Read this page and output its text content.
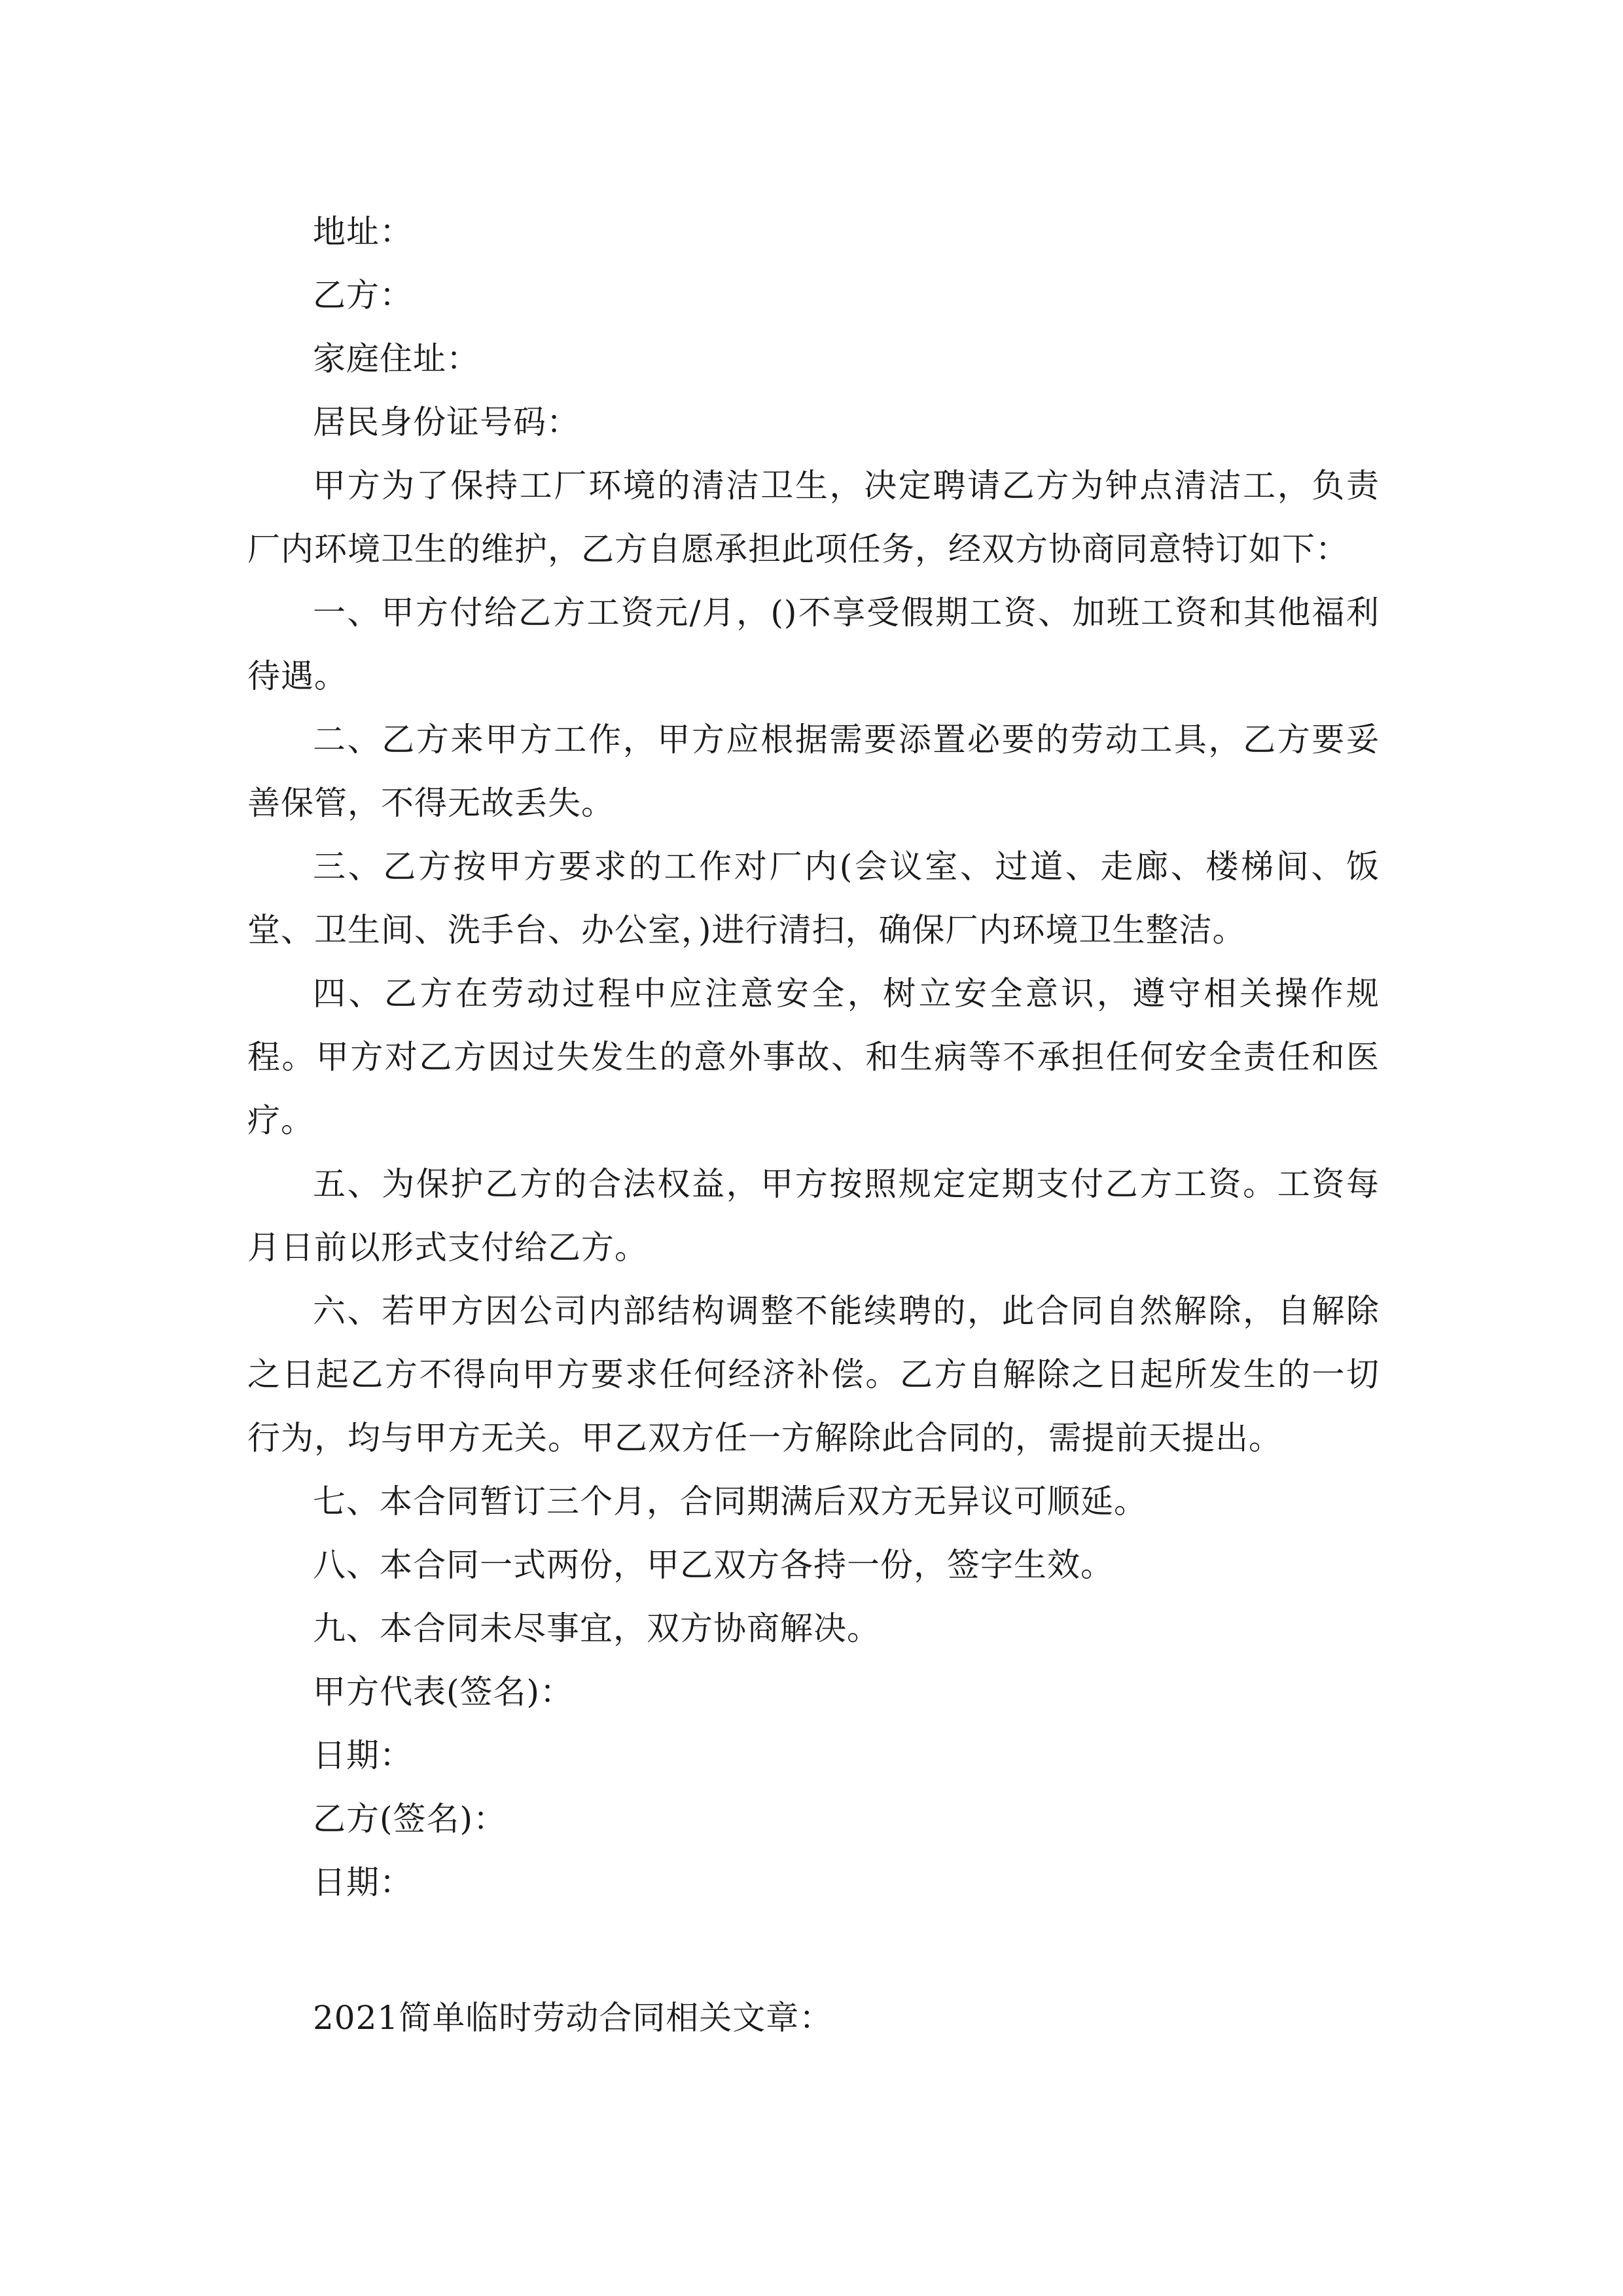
地址：

乙方：

家庭住址：

居民身份证号码：

甲方为了保持工厂环境的清洁卫生，决定聘请乙方为钟点清洁工，负责厂内环境卫生的维护，乙方自愿承担此项任务，经双方协商同意特订如下：

一、甲方付给乙方工资元/月，()不享受假期工资、加班工资和其他福利待遇。

二、乙方来甲方工作，甲方应根据需要添置必要的劳动工具，乙方要妥善保管，不得无故丢失。

三、乙方按甲方要求的工作对厂内(会议室、过道、走廊、楼梯间、饭堂、卫生间、洗手台、办公室，)进行清扫，确保厂内环境卫生整洁。

四、乙方在劳动过程中应注意安全，树立安全意识，遵守相关操作规程。甲方对乙方因过失发生的意外事故、和生病等不承担任何安全责任和医疗。

五、为保护乙方的合法权益，甲方按照规定定期支付乙方工资。工资每月日前以形式支付给乙方。

六、若甲方因公司内部结构调整不能续聘的，此合同自然解除，自解除之日起乙方不得向甲方要求任何经济补偿。乙方自解除之日起所发生的一切行为，均与甲方无关。甲乙双方任一方解除此合同的，需提前天提出。

七、本合同暂订三个月，合同期满后双方无异议可顺延。

八、本合同一式两份，甲乙双方各持一份，签字生效。

九、本合同未尽事宜，双方协商解决。

甲方代表(签名)：

日期：

乙方(签名)：

日期：

2021简单临时劳动合同相关文章：
